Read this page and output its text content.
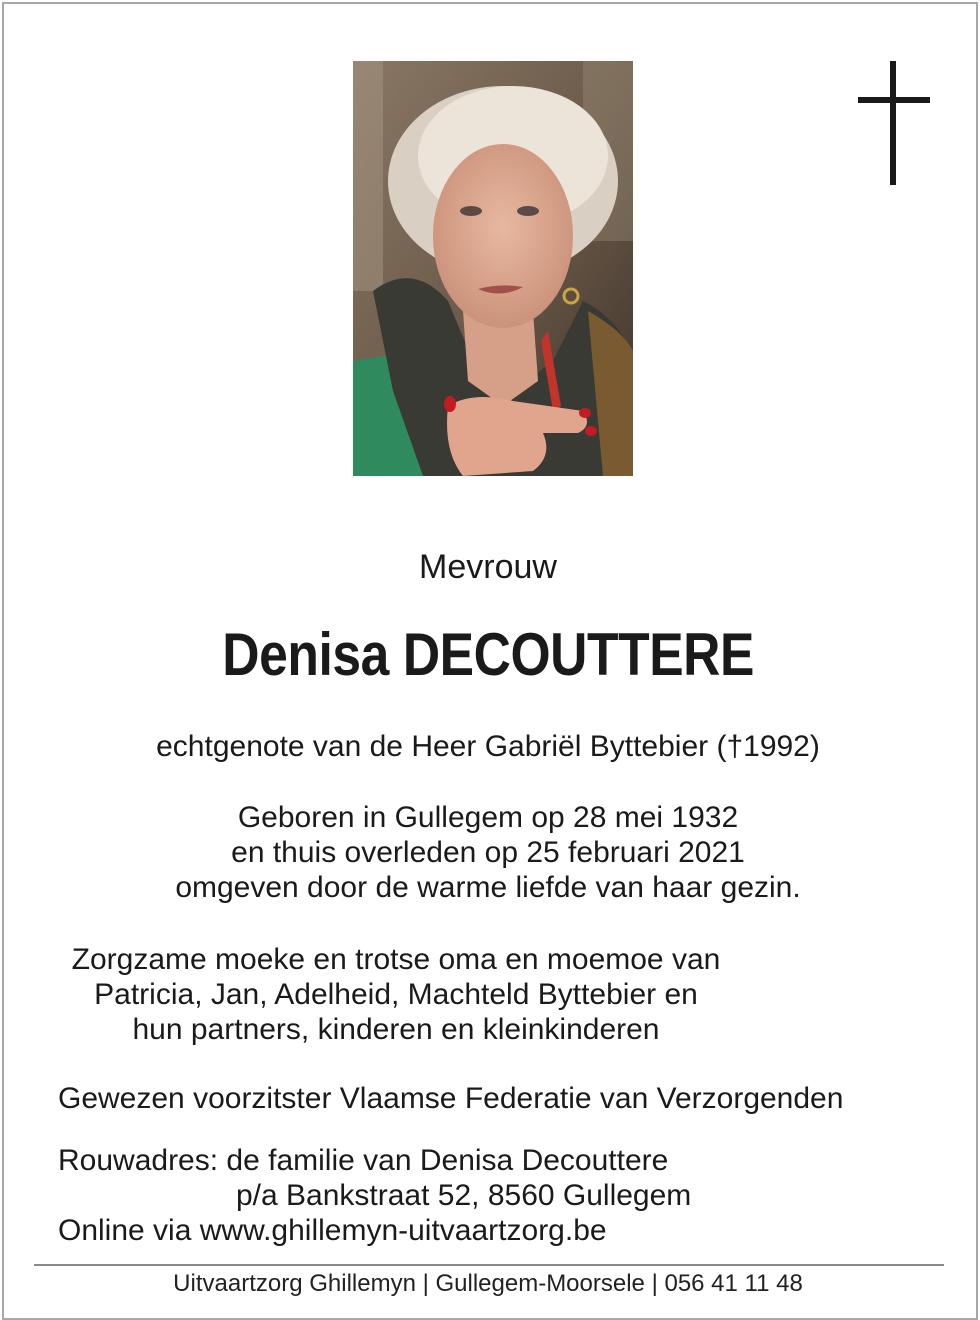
Mevrouw
Denisa DECOUTTERE
echtgenote van de Heer Gabriël Byttebier (†1992)
Geboren in Gullegem op 28 mei 1932
en thuis overleden op 25 februari 2021
omgeven door de warme liefde van haar gezin.
Zorgzame moeke en trotse oma en moemoe van
Patricia, Jan, Adelheid, Machteld Byttebier en
hun partners, kinderen en kleinkinderen
Gewezen voorzitster Vlaamse Federatie van Verzorgenden
Rouwadres: de familie van Denisa Decouttere
p/a Bankstraat 52, 8560 Gullegem
Online via www.ghillemyn-uitvaartzorg.be
Uitvaartzorg Ghillemyn | Gullegem-Moorsele | 056 41 11 48
